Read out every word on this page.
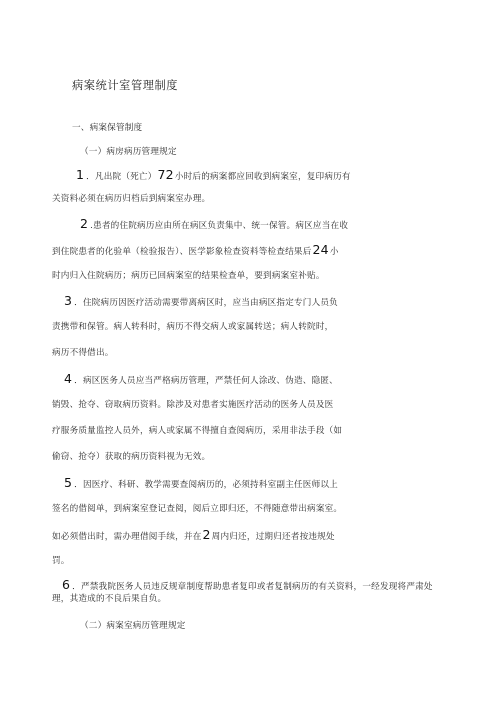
病案统计室管理制度
一、病案保管制度
（一）病房病历管理规定
1 ．凡出院（死亡）72小时后的病案都应回收到病案室，复印病历有
关资料必须在病历归档后到病案室办理。
2 .患者的住院病历应由所在病区负责集中、统一保管。病区应当在收
到住院患者的化验单（检验报告）、医学影象检查资料等检查结果后24小
时内归入住院病历；病历已回病案室的结果检查单，要到病案室补贴。
3 ．住院病历因医疗活动需要带离病区时，应当由病区指定专门人员负
责携带和保管。病人转科时，病历不得交病人或家属转送；病人转院时，
病历不得借出。
4 ．病区医务人员应当严格病历管理，严禁任何人涂改、伪造、隐匿、
销毁、抢夺、窃取病历资料。除涉及对患者实施医疗活动的医务人员及医
疗服务质量监控人员外，病人或家属不得擅自查阅病历，采用非法手段（如
偷窃、抢夺）获取的病历资料视为无效。
5 ．因医疗、科研、教学需要查阅病历的，必须持科室副主任医师以上
签名的借阅单，到病案室登记查阅，阅后立即归还，不得随意带出病案室。
如必须借出时，需办理借阅手续，并在2周内归还，过期归还者按违规处
罚。
6 ．严禁我院医务人员违反规章制度帮助患者复印或者复制病历的有关资料，一经发现将严肃处
理，其造成的不良后果自负。
（二）病案室病历管理规定
